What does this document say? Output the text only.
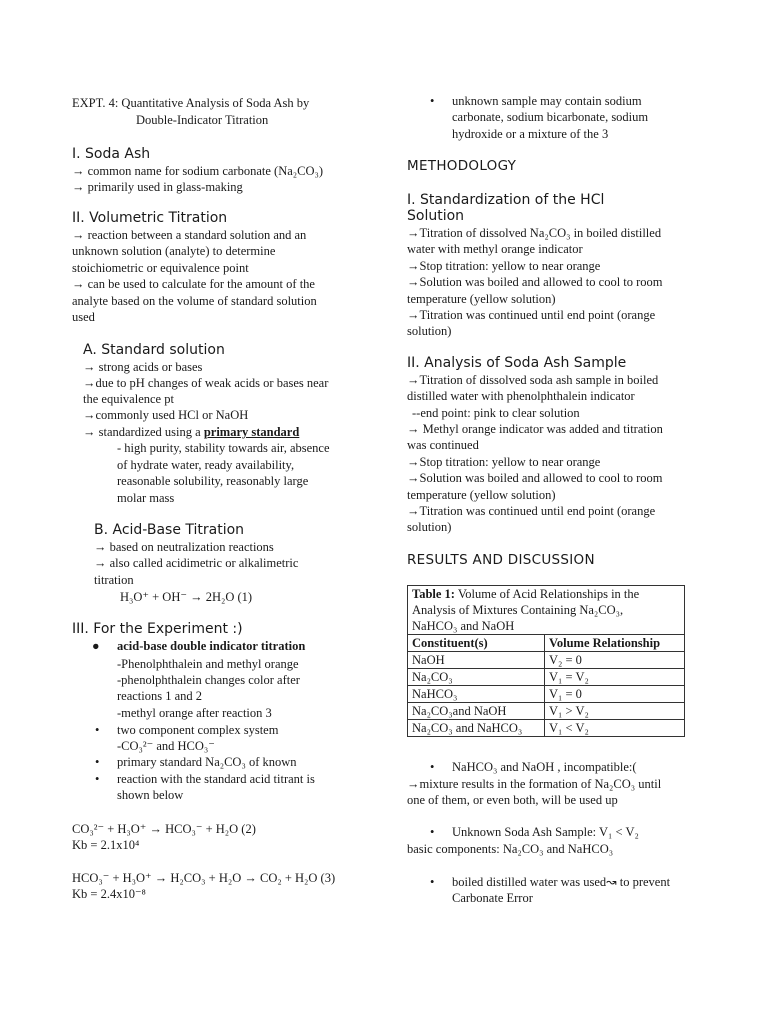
EXPT. 4: Quantitative Analysis of Soda Ash by
Double-Indicator Titration
I. Soda Ash
→ common name for sodium carbonate (Na₂CO₃)
→ primarily used in glass-making
II. Volumetric Titration
→ reaction between a standard solution and an
unknown solution (analyte) to determine
stoichiometric or equivalence point
→ can be used to calculate for the amount of the
analyte based on the volume of standard solution
used
A. Standard solution
→ strong acids or bases
→due to pH changes of weak acids or bases near
the equivalence pt
→commonly used HCl or NaOH
→ standardized using a primary standard
- high purity, stability towards air, absence
of hydrate water, ready availability,
reasonable solubility, reasonably large
molar mass
B. Acid-Base Titration
→ based on neutralization reactions
→ also called acidimetric or alkalimetric
titration
H₃O⁺ + OH⁻ → 2H₂O (1)
III. For the Experiment :)
● acid-base double indicator titration
-Phenolphthalein and methyl orange
-phenolphthalein changes color after
reactions 1 and 2
-methyl orange after reaction 3
• two component complex system
-CO₃²⁻ and HCO₃⁻
• primary standard Na₂CO₃ of known
• reaction with the standard acid titrant is
shown below
CO₃²⁻ + H₃O⁺ → HCO₃⁻ + H₂O (2)
Kb = 2.1x10⁴
HCO₃⁻ + H₃O⁺ → H₂CO₃ + H₂O → CO₂ + H₂O (3)
Kb = 2.4x10⁻⁸
• unknown sample may contain sodium
carbonate, sodium bicarbonate, sodium
hydroxide or a mixture of the 3
METHODOLOGY
I. Standardization of the HCl
Solution
→Titration of dissolved Na₂CO₃ in boiled distilled
water with methyl orange indicator
→Stop titration: yellow to near orange
→Solution was boiled and allowed to cool to room
temperature (yellow solution)
→Titration was continued until end point (orange
solution)
II. Analysis of Soda Ash Sample
→Titration of dissolved soda ash sample in boiled
distilled water with phenolphthalein indicator
--end point: pink to clear solution
→ Methyl orange indicator was added and titration
was continued
→Stop titration: yellow to near orange
→Solution was boiled and allowed to cool to room
temperature (yellow solution)
→Titration was continued until end point (orange
solution)
RESULTS AND DISCUSSION
Table 1: Volume of Acid Relationships in the
Analysis of Mixtures Containing Na₂CO₃,
NaHCO₃ and NaOH	
Constituent(s)	Volume Relationship
NaOH	V₂ = 0
Na₂CO₃	V₁ = V₂
NaHCO₃	V₁ = 0
Na₂CO₃and NaOH	V₁ > V₂
Na₂CO₃ and NaHCO₃	V₁ < V₂
• NaHCO₃ and NaOH , incompatible:(
→mixture results in the formation of Na₂CO₃ until
one of them, or even both, will be used up
• Unknown Soda Ash Sample: V₁ < V₂
basic components: Na₂CO₃ and NaHCO₃
• boiled distilled water was used↝ to prevent
Carbonate Error
